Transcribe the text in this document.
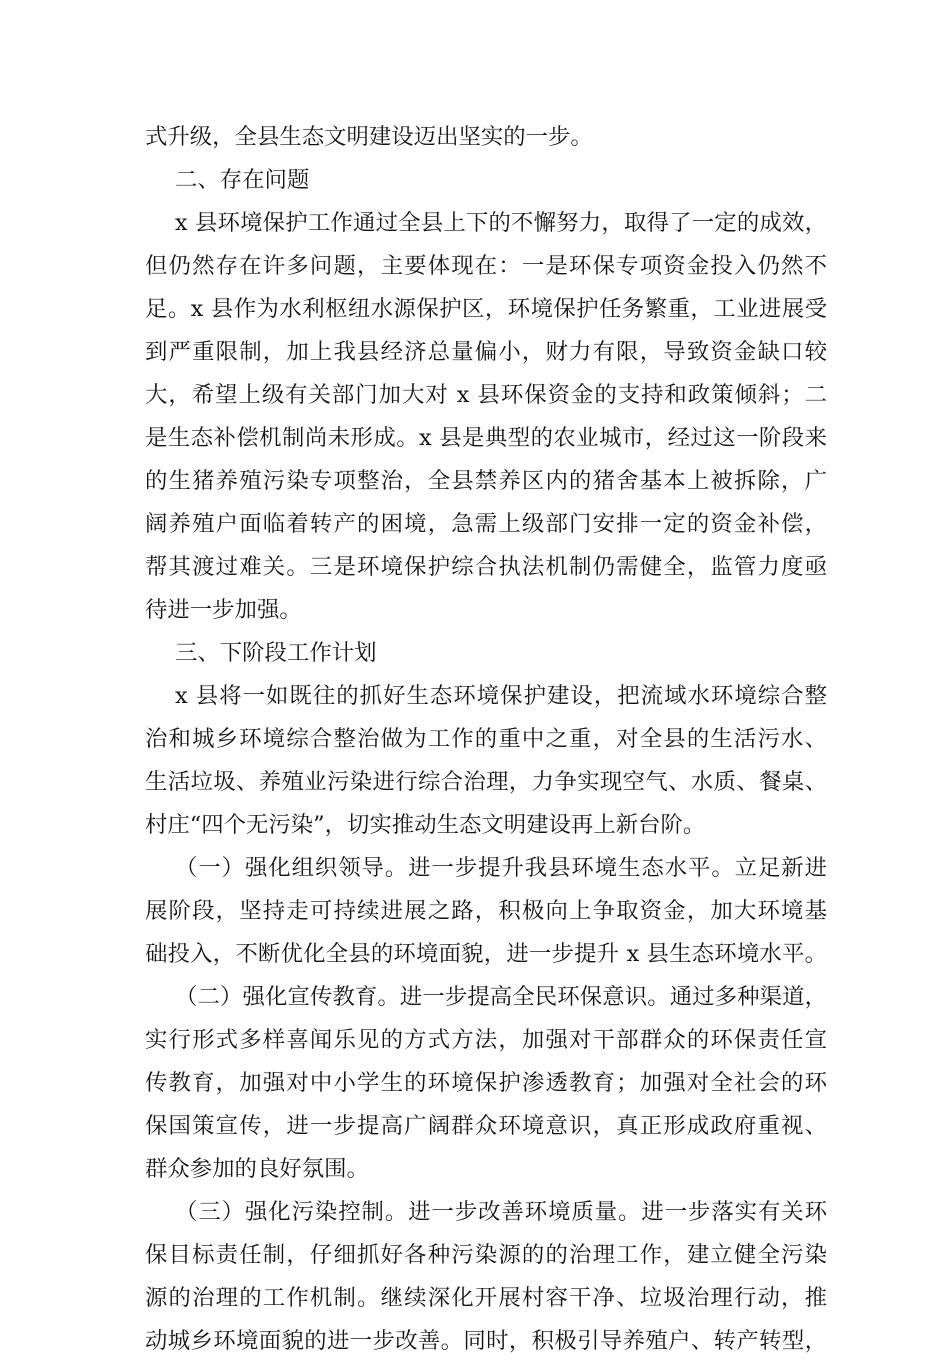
式升级，全县生态文明建设迈出坚实的一步。
二、存在问题
x 县环境保护工作通过全县上下的不懈努力，取得了一定的成效，
但仍然存在许多问题，主要体现在：一是环保专项资金投入仍然不
足。x 县作为水利枢纽水源保护区，环境保护任务繁重，工业进展受
到严重限制，加上我县经济总量偏小，财力有限，导致资金缺口较
大，希望上级有关部门加大对 x 县环保资金的支持和政策倾斜；二
是生态补偿机制尚未形成。x 县是典型的农业城市，经过这一阶段来
的生猪养殖污染专项整治，全县禁养区内的猪舍基本上被拆除，广
阔养殖户面临着转产的困境，急需上级部门安排一定的资金补偿，
帮其渡过难关。三是环境保护综合执法机制仍需健全，监管力度亟
待进一步加强。
三、下阶段工作计划
x 县将一如既往的抓好生态环境保护建设，把流域水环境综合整
治和城乡环境综合整治做为工作的重中之重，对全县的生活污水、
生活垃圾、养殖业污染进行综合治理，力争实现空气、水质、餐桌、
村庄“四个无污染”，切实推动生态文明建设再上新台阶。
（一）强化组织领导。进一步提升我县环境生态水平。立足新进
展阶段，坚持走可持续进展之路，积极向上争取资金，加大环境基
础投入，不断优化全县的环境面貌，进一步提升 x 县生态环境水平。
（二）强化宣传教育。进一步提高全民环保意识。通过多种渠道，
实行形式多样喜闻乐见的方式方法，加强对干部群众的环保责任宣
传教育，加强对中小学生的环境保护渗透教育；加强对全社会的环
保国策宣传，进一步提高广阔群众环境意识，真正形成政府重视、
群众参加的良好氛围。
（三）强化污染控制。进一步改善环境质量。进一步落实有关环
保目标责任制，仔细抓好各种污染源的的治理工作，建立健全污染
源的治理的工作机制。继续深化开展村容干净、垃圾治理行动，推
动城乡环境面貌的进一步改善。同时，积极引导养殖户、转产转型，
